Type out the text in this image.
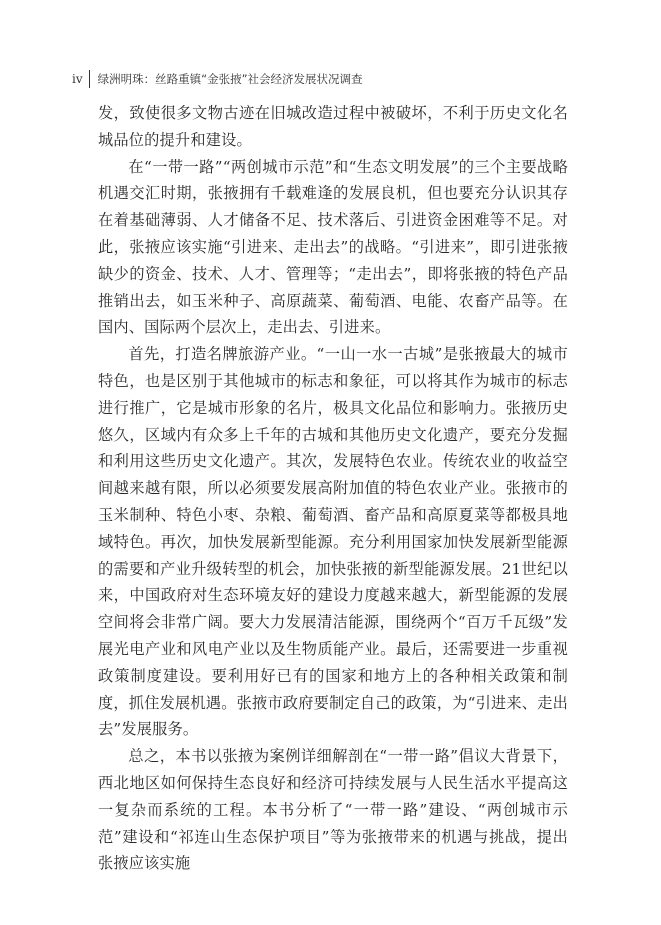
iv 绿洲明珠：丝路重镇“金张掖”社会经济发展状况调查

发，致使很多文物古迹在旧城改造过程中被破坏，不利于历史文化名城品位的提升和建设。

在“一带一路”“两创城市示范”和“生态文明发展”的三个主要战略机遇交汇时期，张掖拥有千载难逢的发展良机，但也要充分认识其存在着基础薄弱、人才储备不足、技术落后、引进资金困难等不足。对此，张掖应该实施“引进来、走出去”的战略。“引进来”，即引进张掖缺少的资金、技术、人才、管理等；“走出去”，即将张掖的特色产品推销出去，如玉米种子、高原蔬菜、葡萄酒、电能、农畜产品等。在国内、国际两个层次上，走出去、引进来。

首先，打造名牌旅游产业。“一山一水一古城”是张掖最大的城市特色，也是区别于其他城市的标志和象征，可以将其作为城市的标志进行推广，它是城市形象的名片，极具文化品位和影响力。张掖历史悠久，区域内有众多上千年的古城和其他历史文化遗产，要充分发掘和利用这些历史文化遗产。其次，发展特色农业。传统农业的收益空间越来越有限，所以必须要发展高附加值的特色农业产业。张掖市的玉米制种、特色小枣、杂粮、葡萄酒、畜产品和高原夏菜等都极具地域特色。再次，加快发展新型能源。充分利用国家加快发展新型能源的需要和产业升级转型的机会，加快张掖的新型能源发展。21世纪以来，中国政府对生态环境友好的建设力度越来越大，新型能源的发展空间将会非常广阔。要大力发展清洁能源，围绕两个“百万千瓦级”发展光电产业和风电产业以及生物质能产业。最后，还需要进一步重视政策制度建设。要利用好已有的国家和地方上的各种相关政策和制度，抓住发展机遇。张掖市政府要制定自己的政策，为“引进来、走出去”发展服务。

总之，本书以张掖为案例详细解剖在“一带一路”倡议大背景下，西北地区如何保持生态良好和经济可持续发展与人民生活水平提高这一复杂而系统的工程。本书分析了“一带一路”建设、“两创城市示范”建设和“祁连山生态保护项目”等为张掖带来的机遇与挑战，提出张掖应该实施
